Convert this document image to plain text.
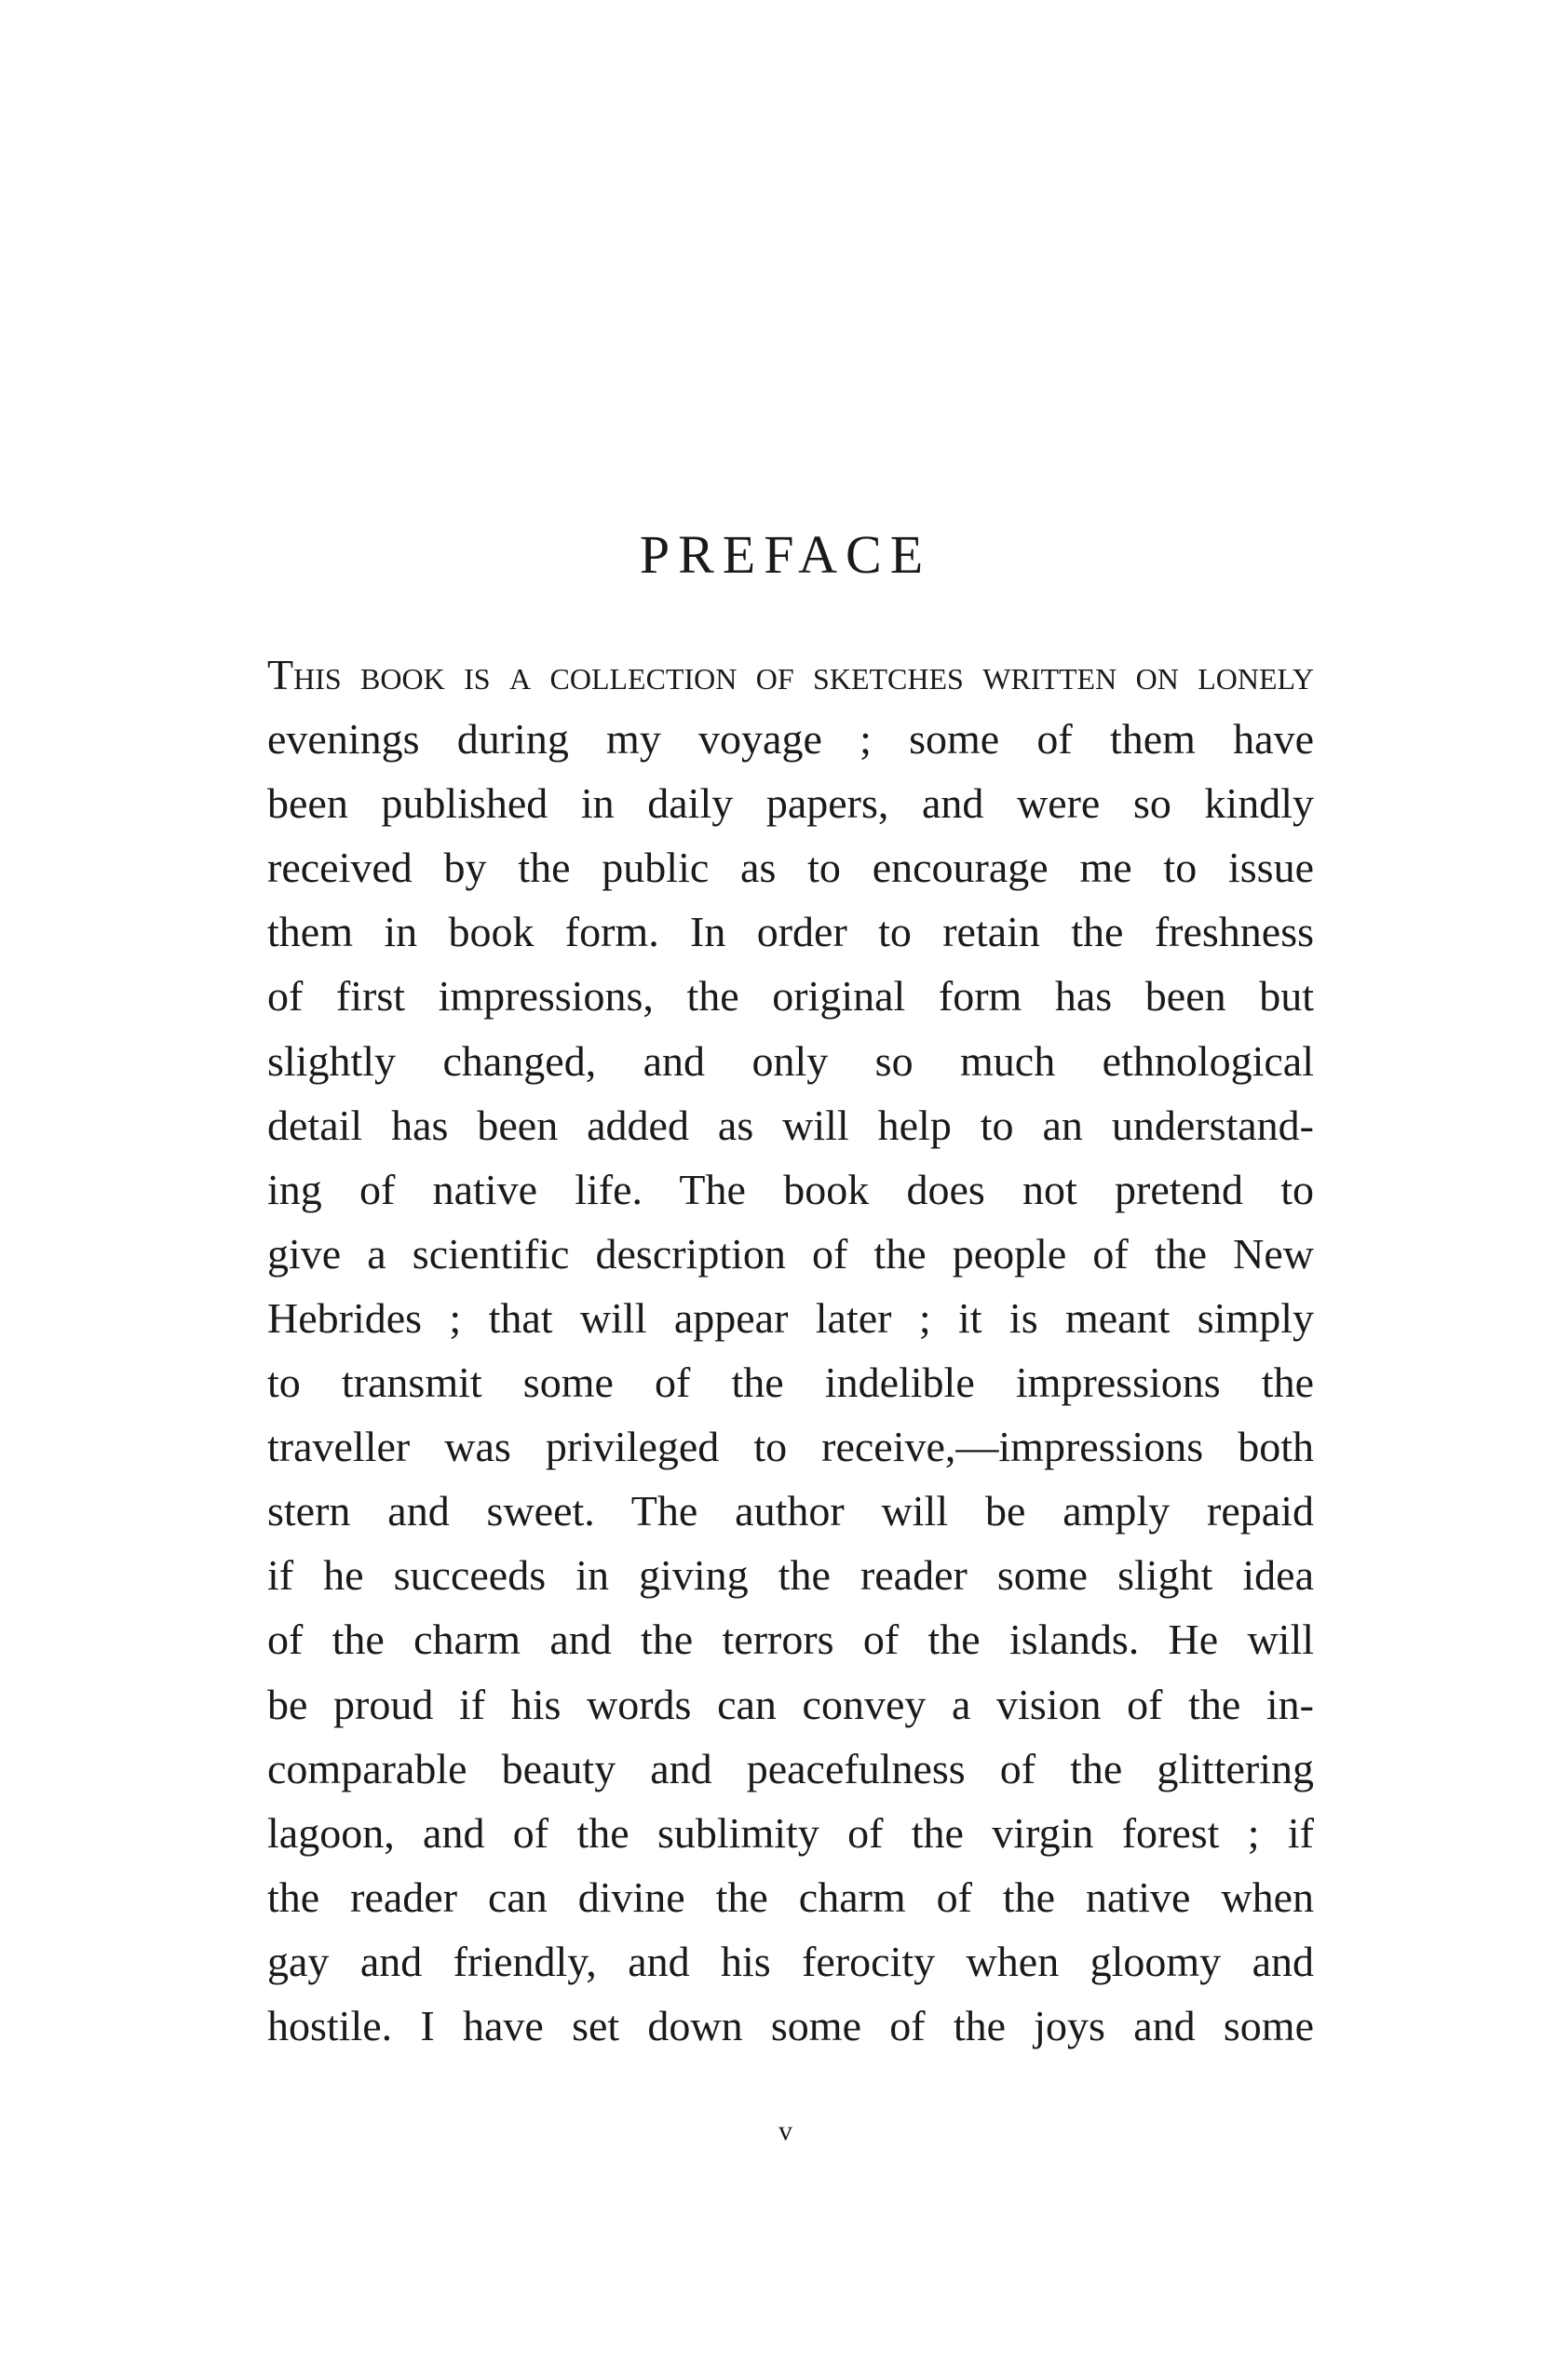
PREFACE
This book is a collection of sketches written on lonely
evenings during my voyage ; some of them have
been published in daily papers, and were so kindly
received by the public as to encourage me to issue
them in book form. In order to retain the freshness
of first impressions, the original form has been but
slightly changed, and only so much ethnological
detail has been added as will help to an understand-
ing of native life. The book does not pretend to
give a scientific description of the people of the New
Hebrides ; that will appear later ; it is meant simply
to transmit some of the indelible impressions the
traveller was privileged to receive,—impressions both
stern and sweet. The author will be amply repaid
if he succeeds in giving the reader some slight idea
of the charm and the terrors of the islands. He will
be proud if his words can convey a vision of the in-
comparable beauty and peacefulness of the glittering
lagoon, and of the sublimity of the virgin forest ; if
the reader can divine the charm of the native when
gay and friendly, and his ferocity when gloomy and
hostile. I have set down some of the joys and some
v
